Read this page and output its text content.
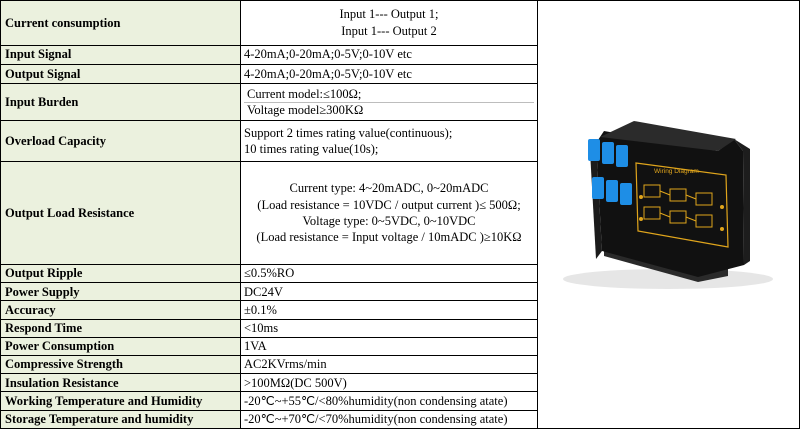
Current consumption	Input 1--- Output 1;
Input 1--- Output 2

Input Signal	4-20mA;0-20mA;0-5V;0-10V etc
Output Signal	4-20mA;0-20mA;0-5V;0-10V etc
Input Burden	Current model:≤100Ω;
Voltage model≥300KΩ

Overload Capacity	Support 2 times rating value(continuous);
10 times rating value(10s);

Output Load Resistance	Current type: 4~20mADC, 0~20mADC
(Load resistance = 10VDC / output current )≤ 500Ω;
Voltage type: 0~5VDC, 0~10VDC
(Load resistance = Input voltage / 10mADC )≥10KΩ

Output Ripple	≤0.5%RO
Power Supply	DC24V
Accuracy	±0.1%
Respond Time	<10ms
Power Consumption	1VA
Compressive Strength	AC2KVrms/min
Insulation Resistance	>100MΩ(DC 500V)
Working Temperature and Humidity	-20℃~+55℃/<80%humidity(non condensing atate)
Storage Temperature and humidity	-20℃~+70℃/<70%humidity(non condensing atate)
Wiring Diagram
